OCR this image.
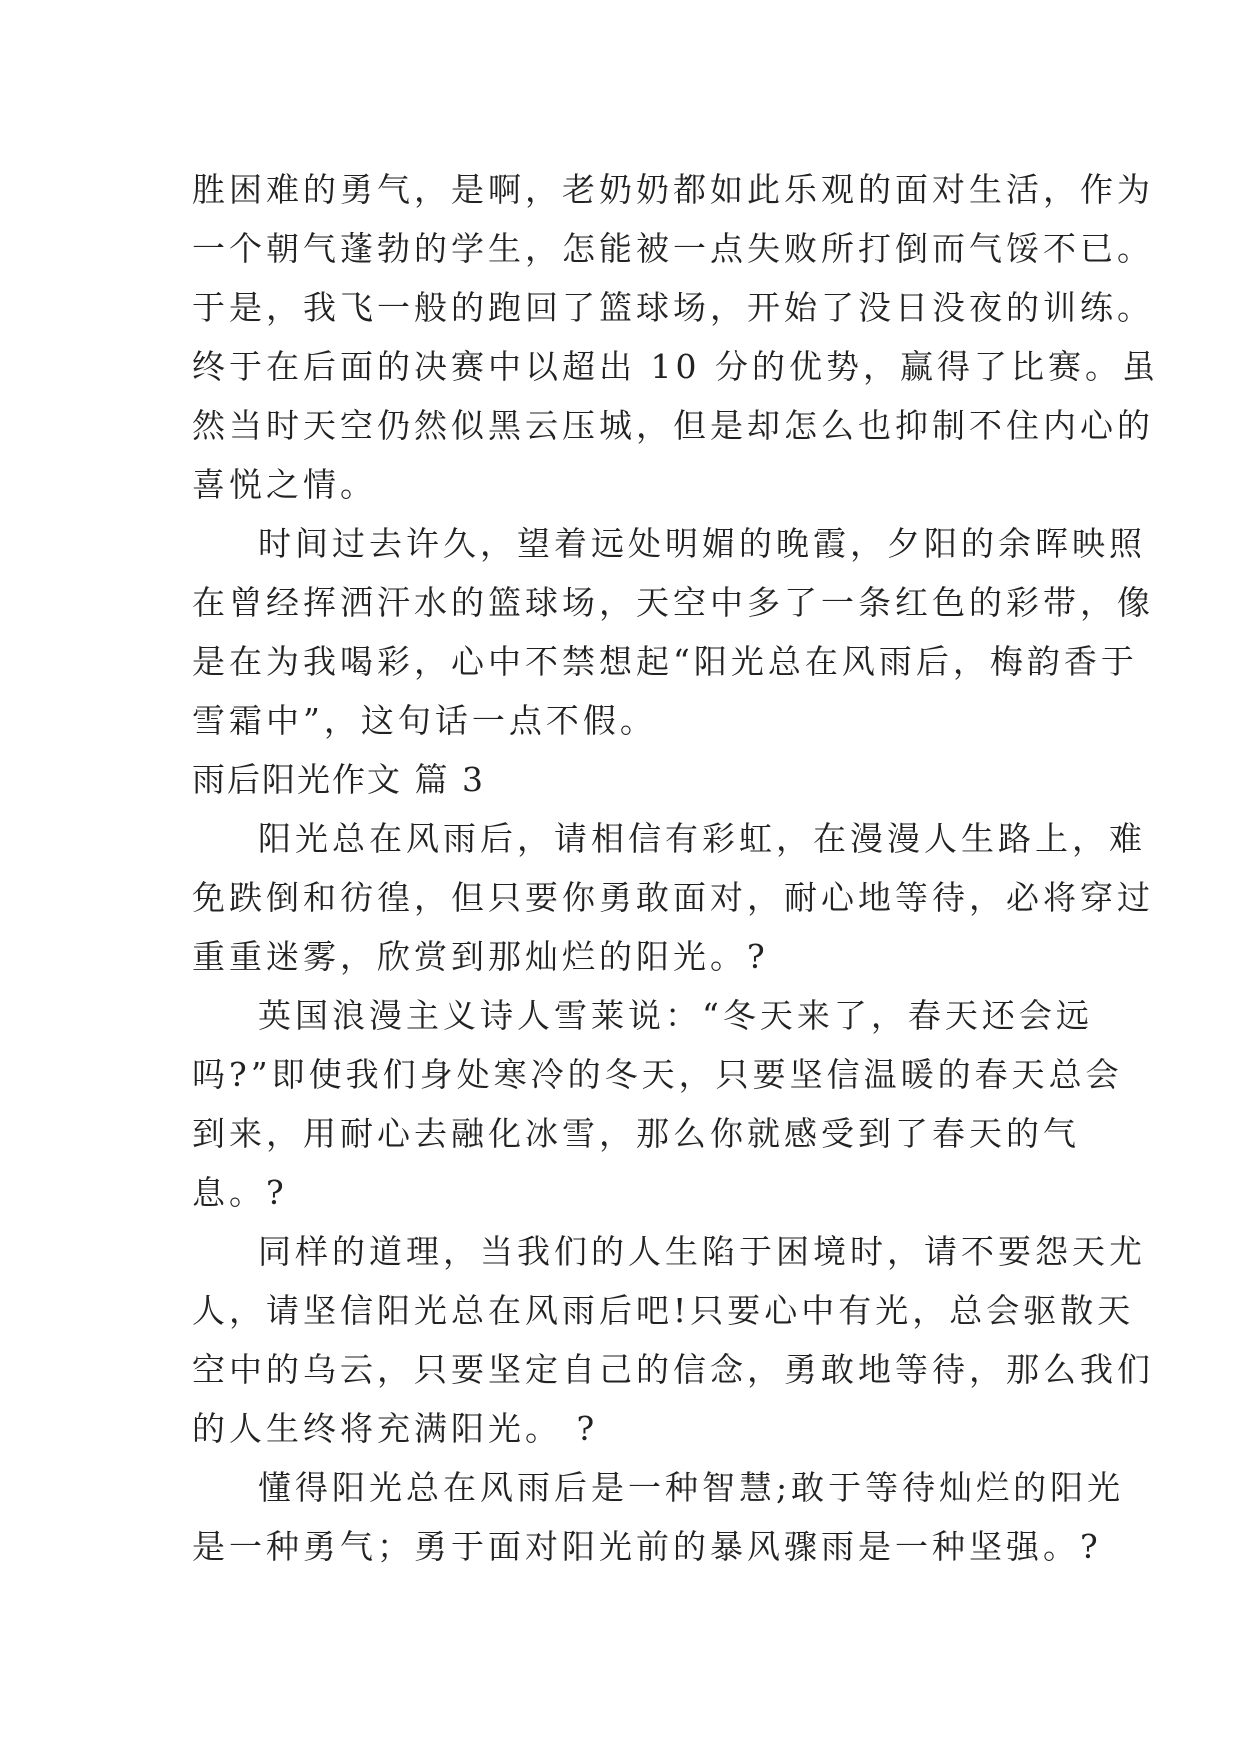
胜困难的勇气，是啊，老奶奶都如此乐观的面对生活，作为
一个朝气蓬勃的学生，怎能被一点失败所打倒而气馁不已。
于是，我飞一般的跑回了篮球场，开始了没日没夜的训练。
终于在后面的决赛中以超出 10 分的优势，赢得了比赛。虽
然当时天空仍然似黑云压城，但是却怎么也抑制不住内心的
喜悦之情。
时间过去许久，望着远处明媚的晚霞，夕阳的余晖映照
在曾经挥洒汗水的篮球场，天空中多了一条红色的彩带，像
是在为我喝彩，心中不禁想起“阳光总在风雨后，梅韵香于
雪霜中”，这句话一点不假。
雨后阳光作文 篇 3
阳光总在风雨后，请相信有彩虹，在漫漫人生路上，难
免跌倒和彷徨，但只要你勇敢面对，耐心地等待，必将穿过
重重迷雾，欣赏到那灿烂的阳光。?
英国浪漫主义诗人雪莱说：“冬天来了，春天还会远
吗?”即使我们身处寒冷的冬天，只要坚信温暖的春天总会
到来，用耐心去融化冰雪，那么你就感受到了春天的气
息。?
同样的道理，当我们的人生陷于困境时，请不要怨天尤
人，请坚信阳光总在风雨后吧!只要心中有光，总会驱散天
空中的乌云，只要坚定自己的信念，勇敢地等待，那么我们
的人生终将充满阳光。 ?
懂得阳光总在风雨后是一种智慧;敢于等待灿烂的阳光
是一种勇气；勇于面对阳光前的暴风骤雨是一种坚强。?
